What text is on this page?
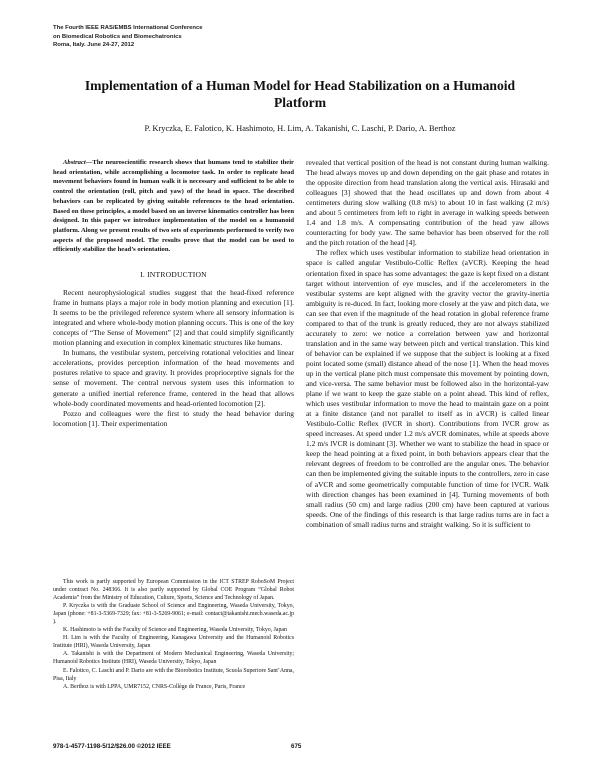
The Fourth IEEE RAS/EMBS International Conference
on Biomedical Robotics and Biomechatronics
Roma, Italy. June 24-27, 2012
Implementation of a Human Model for Head Stabilization on a Humanoid Platform
P. Kryczka, E. Falotico, K. Hashimoto, H. Lim, A. Takanishi, C. Laschi, P. Dario, A. Berthoz

Abstract—The neuroscientific research shows that humans tend to stabilize their head orientation, while accomplishing a locomotor task. In order to replicate head movement behaviors found in human walk it is necessary and sufficient to be able to control the orientation (roll, pitch and yaw) of the head in space. The described behaviors can be replicated by giving suitable references to the head orientation. Based on these principles, a model based on an inverse kinematics controller has been designed. In this paper we introduce implementation of the model on a humanoid platform. Along we present results of two sets of experiments performed to verify two aspects of the proposed model. The results prove that the model can be used to efficiently stabilize the head’s orientation.

I. INTRODUCTION

Recent neurophysiological studies suggest that the head-fixed reference frame in humans plays a major role in body motion planning and execution [1]. It seems to be the privileged reference system where all sensory information is integrated and where whole-body motion planning occurs. This is one of the key concepts of “The Sense of Movement” [2] and that could simplify significantly motion planning and execution in complex kinematic structures like humans.

In humans, the vestibular system, perceiving rotational velocities and linear accelerations, provides perception information of the head movements and postures relative to space and gravity. It provides proprioceptive signals for the sense of movement. The central nervous system uses this information to generate a unified inertial reference frame, centered in the head that allows whole-body coordinated movements and head-oriented locomotion [2].

Pozzo and colleagues were the first to study the head behavior during locomotion [1]. Their experimentation

This work is partly supported by European Commission in the ICT STREP RoboSoM Project under contract No. 248366. It is also partly supported by Global COE Program “Global Robot Academia” from the Ministry of Education, Culture, Sports, Science and Technology of Japan.

P. Kryczka is with the Graduate School of Science and Engineering, Waseda University, Tokyo, Japan (phone: +81-3-5369-7329; fax: +81-3-5269-9061; e-mail: contact@takanishi.mech.waseda.ac.jp ).

K. Hashimoto is with the Faculty of Science and Engineering, Waseda University, Tokyo, Japan

H. Lim is with the Faculty of Engineering, Kanagawa University and the Humanoid Robotics Institute (HRI), Waseda University, Japan

A. Takanishi is with the Department of Modern Mechanical Engineering, Waseda University; Humanoid Robotics Institute (HRI), Waseda University, Tokyo, Japan

E. Falotico, C. Laschi and P. Dario are with the Biorobotics Institute, Scuola Superiore Sant’Anna, Pisa, Italy

A. Berthoz is with LPPA, UMR7152, CNRS-Collège de France, Paris, France

revealed that vertical position of the head is not constant during human walking. The head always moves up and down depending on the gait phase and rotates in the opposite direction from head translation along the vertical axis. Hirasaki and colleagues [3] showed that the head oscillates up and down from about 4 centimeters during slow walking (0.8 m/s) to about 10 in fast walking (2 m/s) and about 5 centimeters from left to right in average in walking speeds between 1.4 and 1.8 m/s. A compensating contribution of the head yaw allows counteracting for body yaw. The same behavior has been observed for the roll and the pitch rotation of the head [4].

The reflex which uses vestibular information to stabilize head orientation in space is called angular Vestibulo-Collic Reflex (aVCR). Keeping the head orientation fixed in space has some advantages: the gaze is kept fixed on a distant target without intervention of eye muscles, and if the accelerometers in the vestibular systems are kept aligned with the gravity vector the gravity-inertia ambiguity is re-duced. In fact, looking more closely at the yaw and pitch data, we can see that even if the magnitude of the head rotation in global reference frame compared to that of the trunk is greatly reduced, they are not always stabilized accurately to zero: we notice a correlation between yaw and horizontal translation and in the same way between pitch and vertical translation. This kind of behavior can be explained if we suppose that the subject is looking at a fixed point located some (small) distance ahead of the nose [1]. When the head moves up in the vertical plane pitch must compensate this movement by pointing down, and vice-versa. The same behavior must be followed also in the horizontal-yaw plane if we want to keep the gaze stable on a point ahead. This kind of reflex, which uses vestibular information to move the head to maintain gaze on a point at a finite distance (and not parallel to itself as in aVCR) is called linear Vestibulo-Collic Reflex (lVCR in short). Contributions from lVCR grow as speed increases. At speed under 1.2 m/s aVCR dominates, while at speeds above 1.2 m/s lVCR is dominant [3]. Whether we want to stabilize the head in space or keep the head pointing at a fixed point, in both behaviors appears clear that the relevant degrees of freedom to be controlled are the angular ones. The behavior can then be implemented giving the suitable inputs to the controllers, zero in case of aVCR and some geometrically computable function of time for lVCR. Walk with direction changes has been examined in [4]. Turning movements of both small radius (50 cm) and large radius (200 cm) have been captured at various speeds. One of the findings of this research is that large radius turns are in fact a combination of small radius turns and straight walking. So it is sufficient to

978-1-4577-1198-5/12/$26.00 ©2012 IEEE	675
